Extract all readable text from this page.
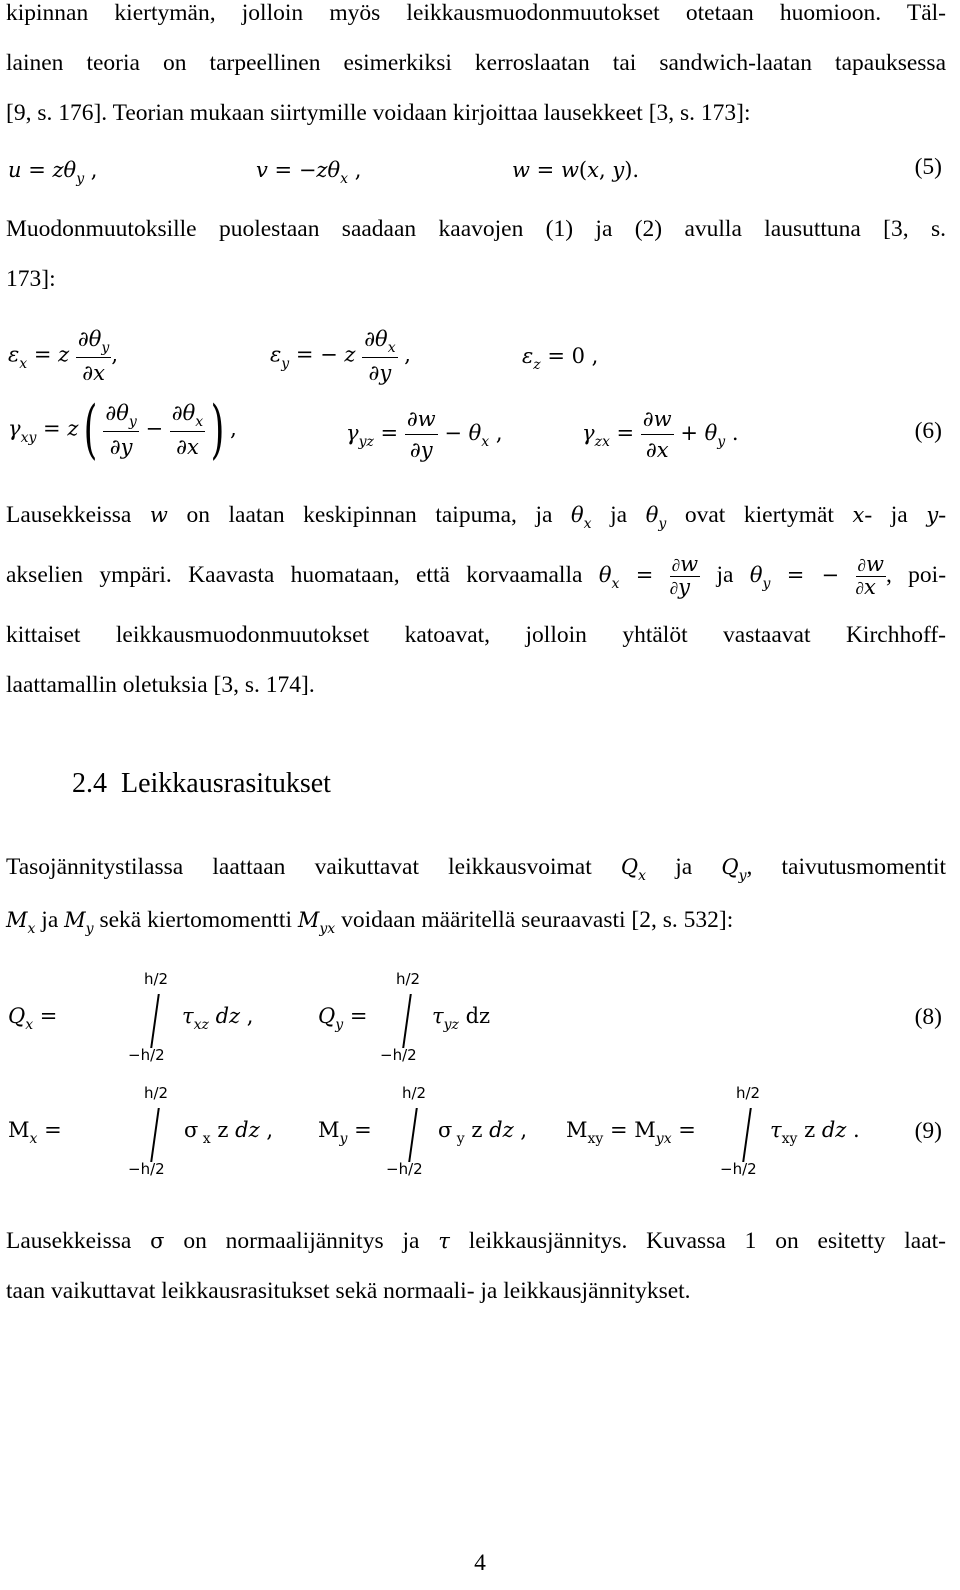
kipinnan kiertymän, jolloin myös leikkausmuodonmuutokset otetaan huomioon. Täl-
lainen teoria on tarpeellinen esimerkiksi kerroslaatan tai sandwich-laatan tapauksessa
[9, s. 176]. Teorian mukaan siirtymille voidaan kirjoittaa lausekkeet [3, s. 173]:
$u = z\theta_y$ ,	$v = -z\theta_x$ ,	w = w(x, y).	(5)
Muodonmuutoksille puolestaan saadaan kaavojen (1) ja (2) avulla lausuttuna [3, s.
173]:
$\varepsilon_x = z \frac{\partial\theta_y}{\partial x}$ ,	$\varepsilon_y$ = − z $\frac{\partial\theta_x}{\partial y}$ ,	$\varepsilon_z = 0$ ,
$\gamma_{xy} = z( \frac{\partial\theta_y}{\partial y} - \frac{\partial\theta_x}{\partial x}$ ) ,	$\gamma_{yz} = \frac{\partial w}{\partial y} - \theta_x$ ,	$\gamma_{zx} = \frac{\partial w}{\partial x} + \theta_y$ .	(6)
Lausekkeissa w on laatan keskipinnan taipuma, ja $\theta_x$ ja $\theta_y$ ovat kiertymät x- ja y-
akselien ympäri. Kaavasta huomataan, että korvaamalla $\theta_x = \frac{\partial w}{\partial y}$ ja $\theta_y$ = − $\frac{\partial w}{\partial x}$ , poi-
kittaiset leikkausmuodonmuutokset katoavat, jolloin yhtälöt vastaavat Kirchhoff-
laattamallin oletuksia [3, s. 174].
2.4 Leikkausrasitukset
Tasojännitystilassa laattaan vaikuttavat leikkausvoimat $Q_x$ ja $Q_y$, taivutusmomentit
$M_x$ ja $M_y$ sekä kiertomomentti $M_{yx}$ voidaan määritellä seuraavasti [2, s. 532]:
$Q_x$ =
h/2
−h/2
$\tau_{xz}$ dz ,	$Q_y$ =
h/2
−h/2
$\tau_{yz}$ dz	(8)
$M_x$ =
h/2
−h/2
σ $_x$ z dz , $M_y$ =
h/2
−h/2
σ $_y$ z dz , $M_{xy} = M_{yx}$ =
h/2
−h/2
$\tau_{xy}$ z dz . (9)
Lausekkeissa σ on normaalijännitys ja τ leikkausjännitys. Kuvassa 1 on esitetty laat-
taan vaikuttavat leikkausrasitukset sekä normaali- ja leikkausjännitykset.
4
